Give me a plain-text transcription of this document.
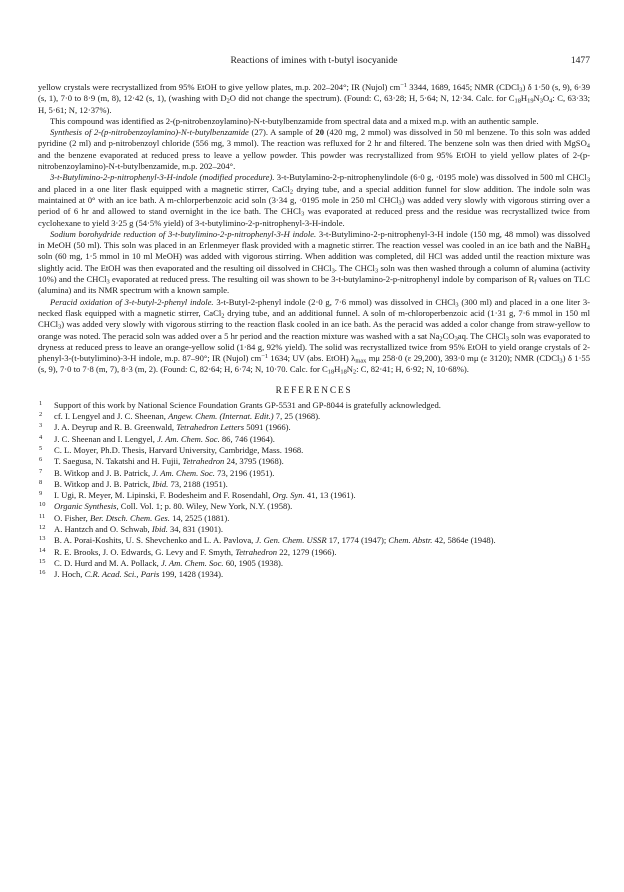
Reactions of imines with t-butyl isocyanide	1477

yellow crystals were recrystallized from 95% EtOH to give yellow plates, m.p. 202–204°; IR (Nujol) $cm^{-1}$ 3344, 1689, 1645; NMR (CDCl$_3$) δ 1·50 (s, 9), 6·39 (s, 1), 7·0 to 8·9 (m, 8), 12·42 (s, 1), (washing with $D_2O$ did not change the spectrum). (Found: C, 63·28; H, 5·64; N, 12·34. Calc. for $C_{18}H_{19}N_3O_4$: C, 63·33; H, 5·61; N, 12·37%).

This compound was identified as 2-(p-nitrobenzoylamino)-N-t-butylbenzamide from spectral data and a mixed m.p. with an authentic sample.

Synthesis of 2-(p-nitrobenzoylamino)-N-t-butylbenzamide (27). A sample of 20 (420 mg, 2 mmol) was dissolved in 50 ml benzene. To this soln was added pyridine (2 ml) and p-nitrobenzoyl chloride (556 mg, 3 mmol). The reaction was refluxed for 2 hr and filtered. The benzene soln was then dried with MgSO$_4$ and the benzene evaporated at reduced press to leave a yellow powder. This powder was recrystallized from 95% EtOH to yield yellow plates of 2-(p-nitrobenzoylamino)-N-t-butylbenzamide, m.p. 202–204°.

3-t-Butylimino-2-p-nitrophenyl-3-H-indole (modified procedure). 3-t-Butylamino-2-p-nitrophenylindole (6·0 g, ·0195 mole) was dissolved in 500 ml CHCl$_3$ and placed in a one liter flask equipped with a magnetic stirrer, CaCl$_2$ drying tube, and a special addition funnel for slow addition. The indole soln was maintained at 0° with an ice bath. A m-chlorperbenzoic acid soln (3·34 g, ·0195 mole in 250 ml CHCl$_3$) was added very slowly with vigorous stirring over a period of 6 hr and allowed to stand overnight in the ice bath. The CHCl$_3$ was evaporated at reduced press and the residue was recrystallized twice from cyclohexane to yield 3·25 g (54·5% yield) of 3-t-butylimino-2-p-nitrophenyl-3-H-indole.

Sodium borohydride reduction of 3-t-butylimino-2-p-nitrophenyl-3-H indole. 3-t-Butylimino-2-p-nitrophenyl-3-H indole (150 mg, 48 mmol) was dissolved in MeOH (50 ml). This soln was placed in an Erlenmeyer flask provided with a magnetic stirrer. The reaction vessel was cooled in an ice bath and the NaBH$_4$ soln (60 mg, 1·5 mmol in 10 ml MeOH) was added with vigorous stirring. When addition was completed, dil HCl was added until the reaction mixture was slightly acid. The EtOH was then evaporated and the resulting oil dissolved in CHCl$_3$. The CHCl$_3$ soln was then washed through a column of alumina (activity 10%) and the CHCl$_3$ evaporated at reduced press. The resulting oil was shown to be 3-t-butylamino-2-p-nitrophenyl indole by comparison of $R_f$ values on TLC (alumina) and its NMR spectrum with a known sample.

Peracid oxidation of 3-t-butyl-2-phenyl indole. 3-t-Butyl-2-phenyl indole (2·0 g, 7·6 mmol) was dissolved in CHCl$_3$ (300 ml) and placed in a one liter 3-necked flask equipped with a magnetic stirrer, CaCl$_2$ drying tube, and an additional funnel. A soln of m-chloroperbenzoic acid (1·31 g, 7·6 mmol in 150 ml CHCl$_3$) was added very slowly with vigorous stirring to the reaction flask cooled in an ice bath. As the peracid was added a color change from straw-yellow to orange was noted. The peracid soln was added over a 5 hr period and the reaction mixture was washed with a sat $Na_2CO_3aq$. The CHCl$_3$ soln was evaporated to dryness at reduced press to leave an orange-yellow solid (1·84 g, 92% yield). The solid was recrystallized twice from 95% EtOH to yield orange crystals of 2-phenyl-3-(t-butylimino)-3-H indole, m.p. 87–90°; IR (Nujol) $cm^{-1}$ 1634; UV (abs. EtOH) $\lambda_{max}$ mμ 258·0 (ε 29,200), 393·0 mμ (ε 3120); NMR (CDCl$_3$) δ 1·55 (s, 9), 7·0 to 7·8 (m, 7), 8·3 (m, 2). (Found: C, 82·64; H, 6·74; N, 10·70. Calc. for $C_{18}H_{18}N_2$: C, 82·41; H, 6·92; N, 10·68%).

REFERENCES
1	Support of this work by National Science Foundation Grants GP-5531 and GP-8044 is gratefully acknowledged.
2	cf. I. Lengyel and J. C. Sheenan, Angew. Chem. (Internat. Edit.) 7, 25 (1968).
3	J. A. Deyrup and R. B. Greenwald, Tetrahedron Letters 5091 (1966).
4	J. C. Sheenan and I. Lengyel, J. Am. Chem. Soc. 86, 746 (1964).
5	C. L. Moyer, Ph.D. Thesis, Harvard University, Cambridge, Mass. 1968.
6	T. Saegusa, N. Takatshi and H. Fujii, Tetrahedron 24, 3795 (1968).
7	B. Witkop and J. B. Patrick, J. Am. Chem. Soc. 73, 2196 (1951).
8	B. Witkop and J. B. Patrick, Ibid. 73, 2188 (1951).
9	I. Ugi, R. Meyer, M. Lipinski, F. Bodesheim and F. Rosendahl, Org. Syn. 41, 13 (1961).
10	Organic Synthesis, Coll. Vol. 1; p. 80. Wiley, New York, N.Y. (1958).
11	O. Fisher, Ber. Dtsch. Chem. Ges. 14, 2525 (1881).
12	A. Hantzch and O. Schwab, Ibid. 34, 831 (1901).
13	B. A. Porai-Koshits, U. S. Shevchenko and L. A. Pavlova, J. Gen. Chem. USSR 17, 1774 (1947); Chem. Abstr. 42, 5864e (1948).
14	R. E. Brooks, J. O. Edwards, G. Levy and F. Smyth, Tetrahedron 22, 1279 (1966).
15	C. D. Hurd and M. A. Pollack, J. Am. Chem. Soc. 60, 1905 (1938).
16	J. Hoch, C.R. Acad. Sci., Paris 199, 1428 (1934).
